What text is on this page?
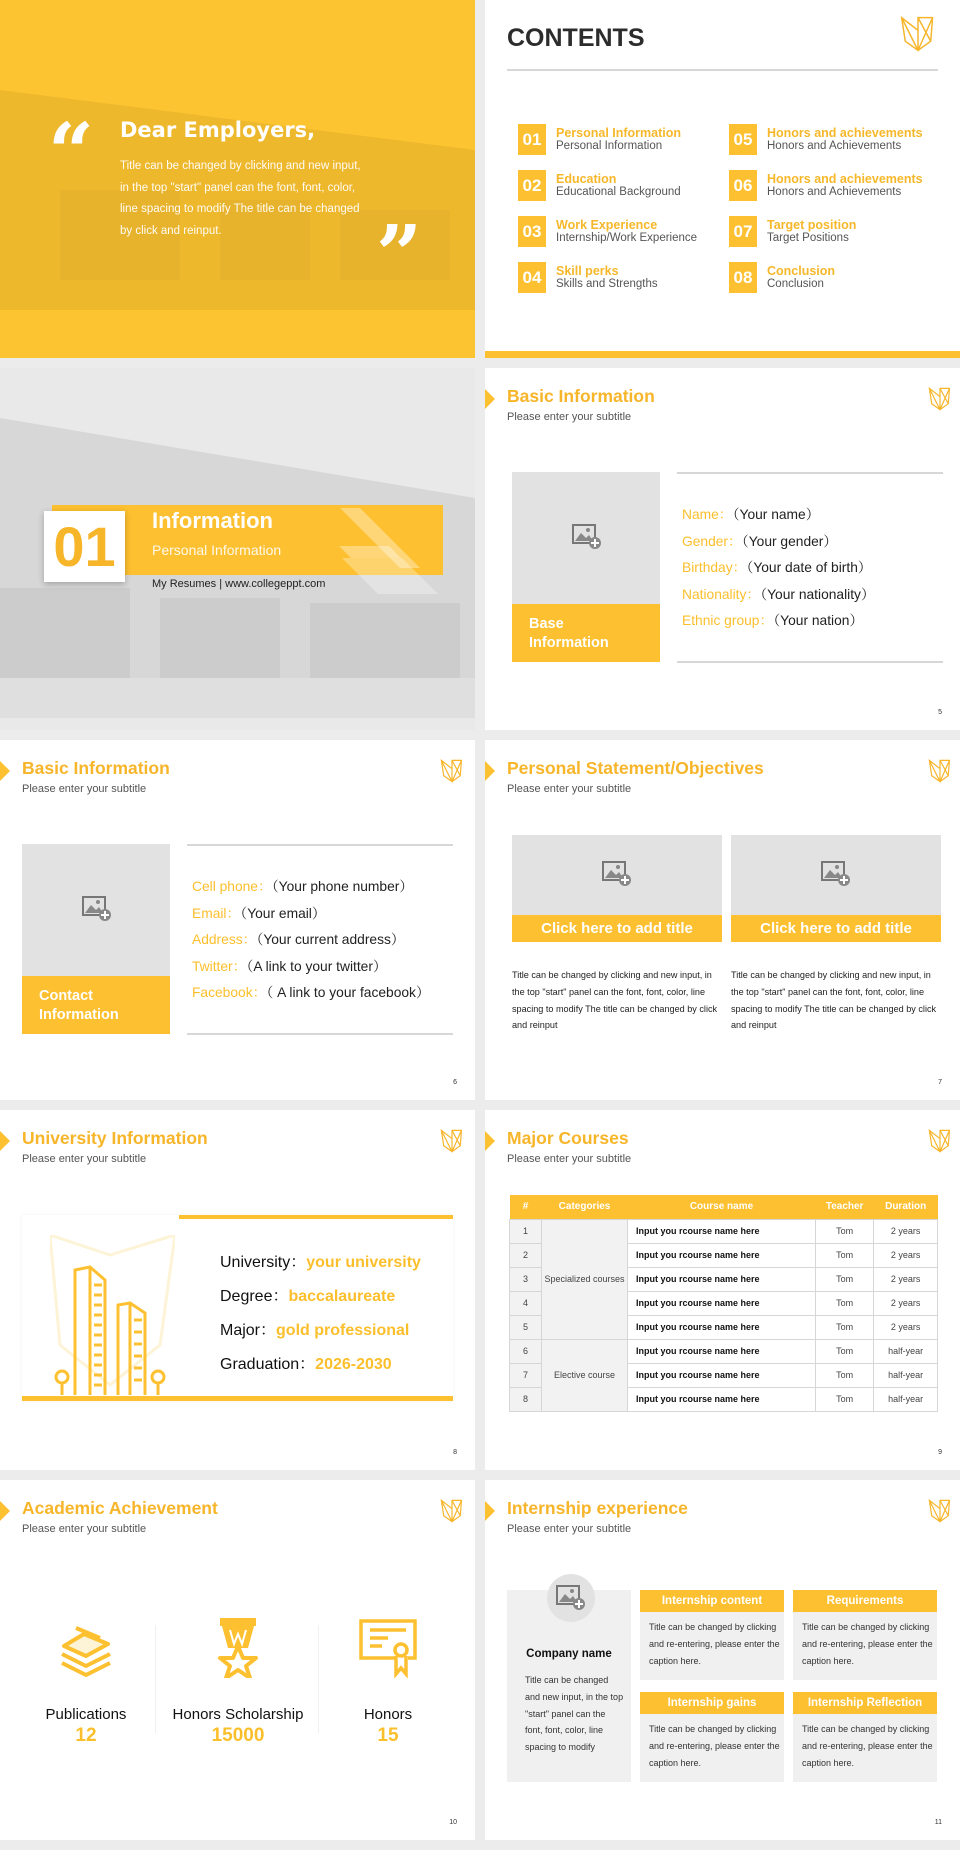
“ Dear Employers,

Title can be changed by clicking and new input, in the top "start" panel can the font, font, color, line spacing to modify The title can be changed by click and reinput.	”
CONTENTS
01	Personal Information
Personal Information
02	Education
Educational Background
03	Work Experience
Internship/Work Experience
04	Skill perks
Skills and Strengths
05	Honors and achievements
Honors and Achievements
06	Honors and achievements
Honors and Achievements
07	Target position
Target Positions
08	Conclusion
Conclusion
01	Information
Personal Information
My Resumes | www.collegeppt.com
Basic Information
Please enter your subtitle
Base
Information
Name：（Your name）
Gender：（Your gender）
Birthday：（Your date of birth）
Nationality：（Your nationality）
Ethnic group：（Your nation）
5
Basic Information
Please enter your subtitle
Contact
Information
Cell phone：（Your phone number）
Email：（Your email）
Address：（Your current address）
Twitter：（A link to your twitter）
Facebook：（ A link to your facebook）
6
Personal Statement/Objectives
Please enter your subtitle
Click here to add title
Title can be changed by clicking and new input, in the top "start" panel can the font, font, color, line spacing to modify The title can be changed by click and reinput
Click here to add title
Title can be changed by clicking and new input, in the top "start" panel can the font, font, color, line spacing to modify The title can be changed by click and reinput
7
University Information
Please enter your subtitle
University：your university
Degree：baccalaureate
Major：gold professional
Graduation：2026-2030
8
Major Courses
Please enter your subtitle
#	Categories	Course name	Teacher	Duration
1	Specialized courses	Input you rcourse name here	Tom	2 years
2		Input you rcourse name here	Tom	2 years
3		Input you rcourse name here	Tom	2 years
4		Input you rcourse name here	Tom	2 years
5		Input you rcourse name here	Tom	2 years
6	Elective course	Input you rcourse name here	Tom	half-year
7		Input you rcourse name here	Tom	half-year
8		Input you rcourse name here	Tom	half-year
9
Academic Achievement
Please enter your subtitle
Publications
12
Honors Scholarship
15000
Honors
15
10
Internship experience
Please enter your subtitle
Company name
Title can be changed and new input, in the top "start" panel can the font, font, color, line spacing to modify
Internship content
Title can be changed by clicking and re-entering, please enter the caption here.
Requirements
Title can be changed by clicking and re-entering, please enter the caption here.
Internship gains
Title can be changed by clicking and re-entering, please enter the caption here.
Internship Reflection
Title can be changed by clicking and re-entering, please enter the caption here.
11
